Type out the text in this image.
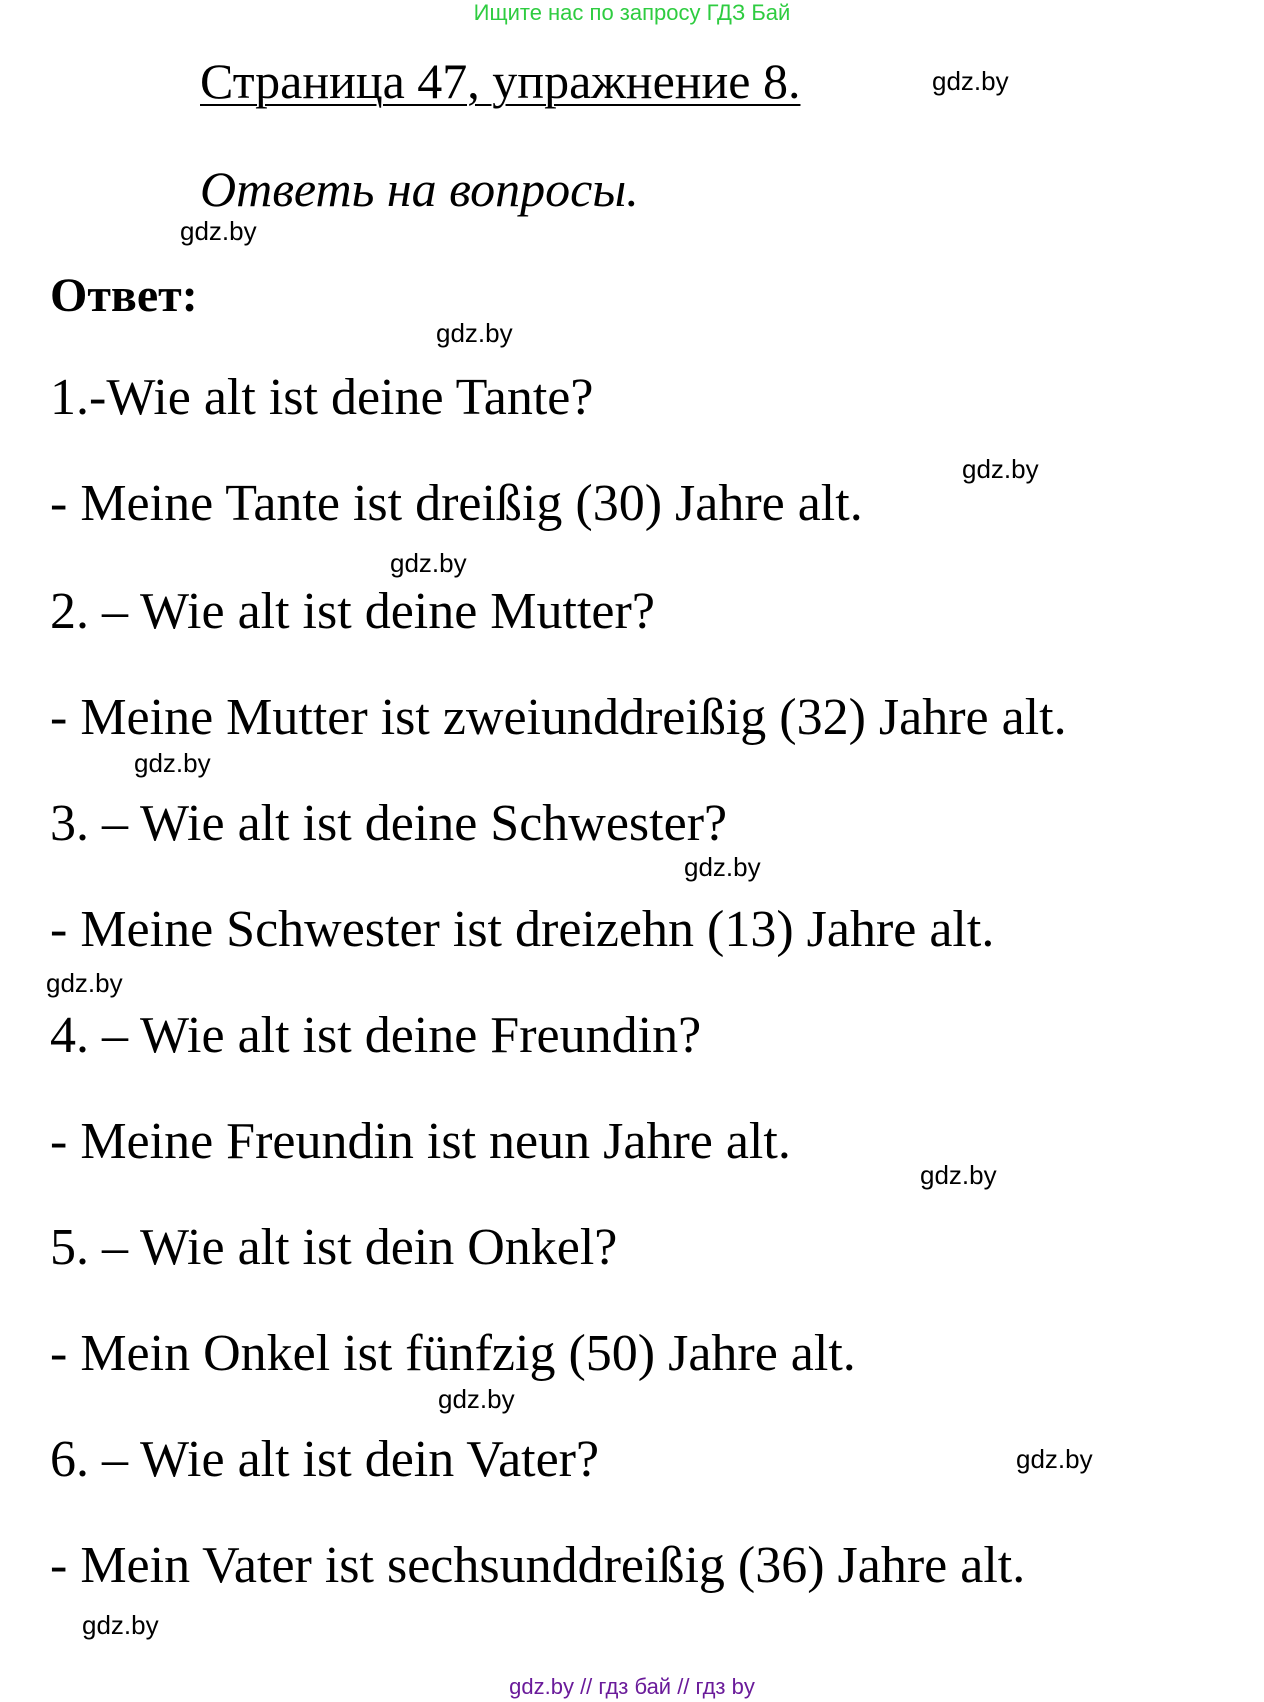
Ищите нас по запросу ГДЗ Бай
Страница 47, упражнение 8.	gdz.by
Ответь на вопросы.
gdz.by
Ответ:
gdz.by
1.-Wie alt ist deine Tante?
gdz.by
- Meine Tante ist dreißig (30) Jahre alt.
gdz.by
2. – Wie alt ist deine Mutter?
- Meine Mutter ist zweiunddreißig (32) Jahre alt.
gdz.by
3. – Wie alt ist deine Schwester?
gdz.by
- Meine Schwester ist dreizehn (13) Jahre alt.
gdz.by
4. – Wie alt ist deine Freundin?
- Meine Freundin ist neun Jahre alt.
gdz.by
5. – Wie alt ist dein Onkel?
- Mein Onkel ist fünfzig (50) Jahre alt.
gdz.by
6. – Wie alt ist dein Vater?	gdz.by
- Mein Vater ist sechsunddreißig (36) Jahre alt.
gdz.by
gdz.by // гдз бай // гдз by
